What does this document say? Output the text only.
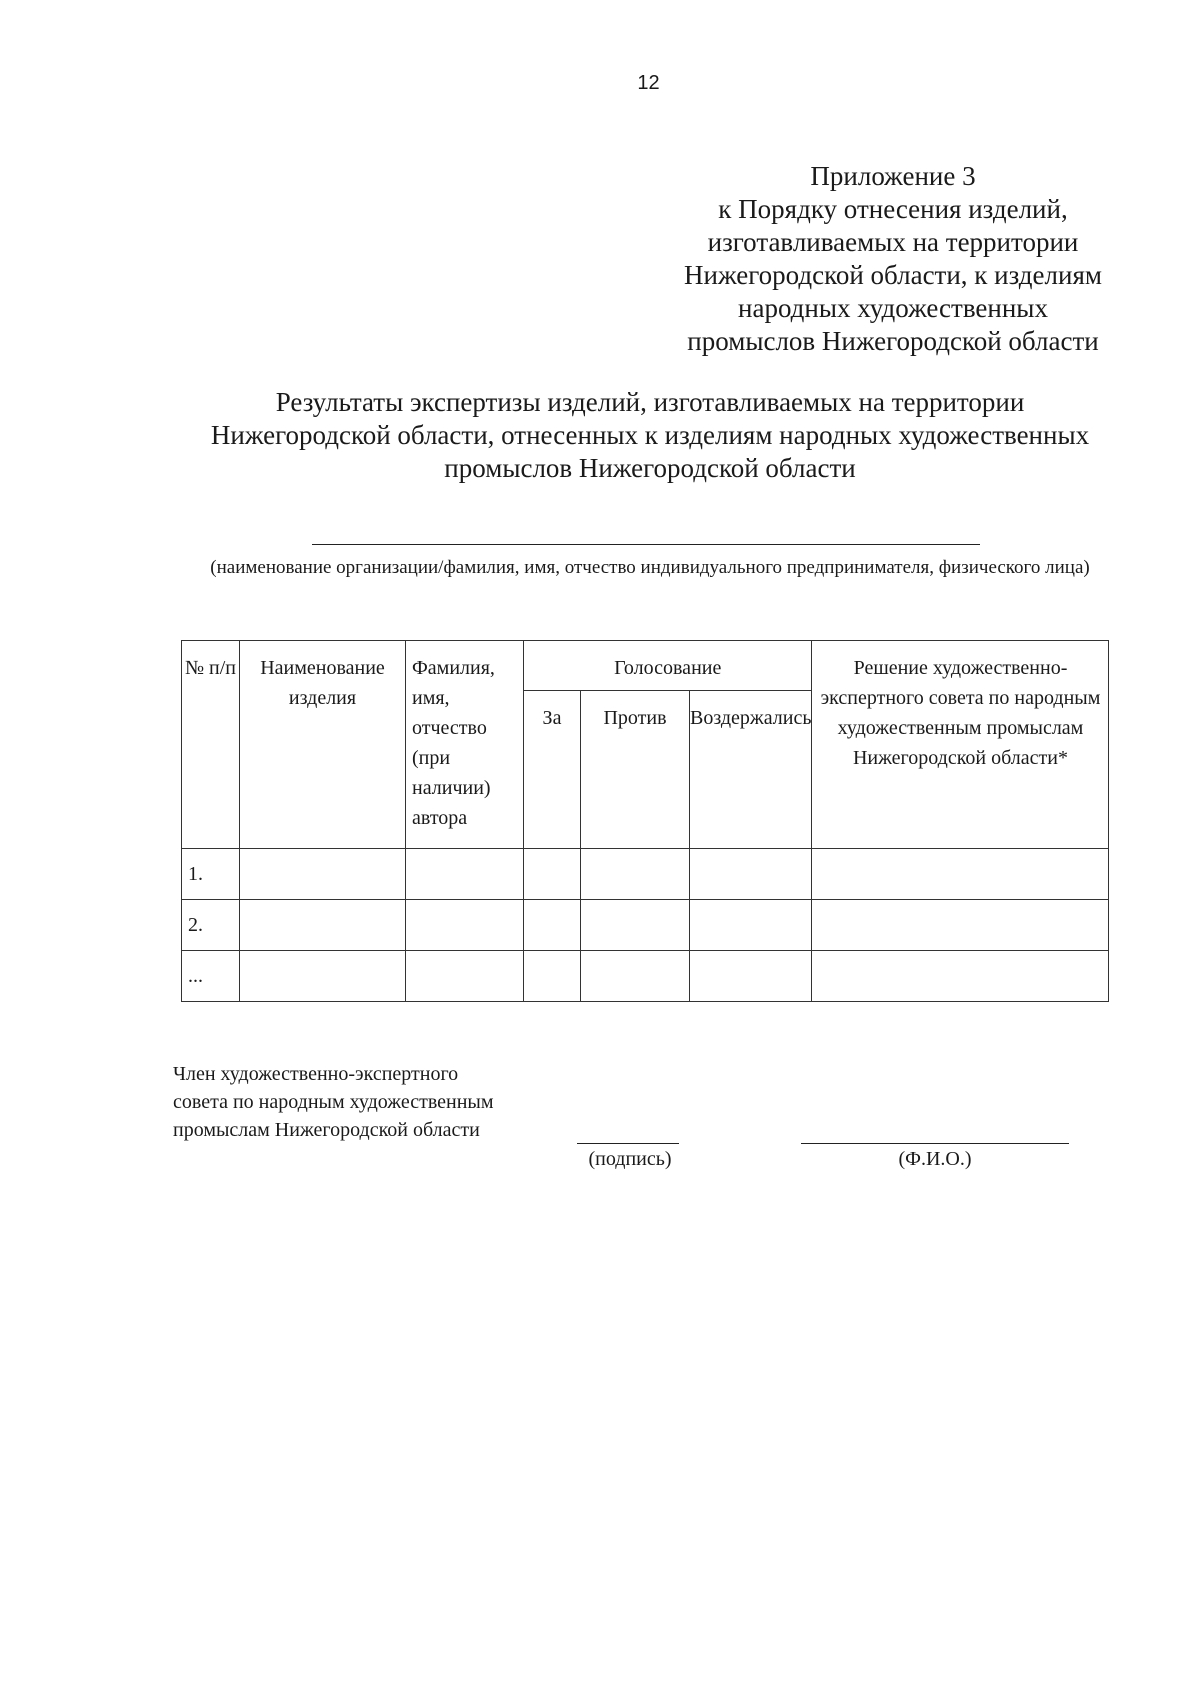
12
Приложение 3
к Порядку отнесения изделий,
изготавливаемых на территории
Нижегородской области, к изделиям
народных художественных
промыслов Нижегородской области
Результаты экспертизы изделий, изготавливаемых на территории
Нижегородской области, отнесенных к изделиям народных художественных
промыслов Нижегородской области
(наименование организации/фамилия, имя, отчество индивидуального предпринимателя, физического лица)
№ п/п	Наименование изделия	Фамилия, имя, отчество (при наличии) автора	Голосование			Решение художественно-экспертного совета по народным художественным промыслам Нижегородской области*
			За	Против	Воздержались	
1.						
2.						
...						
Член художественно-экспертного
совета по народным художественным
промыслам Нижегородской области
(подпись)	(Ф.И.О.)
